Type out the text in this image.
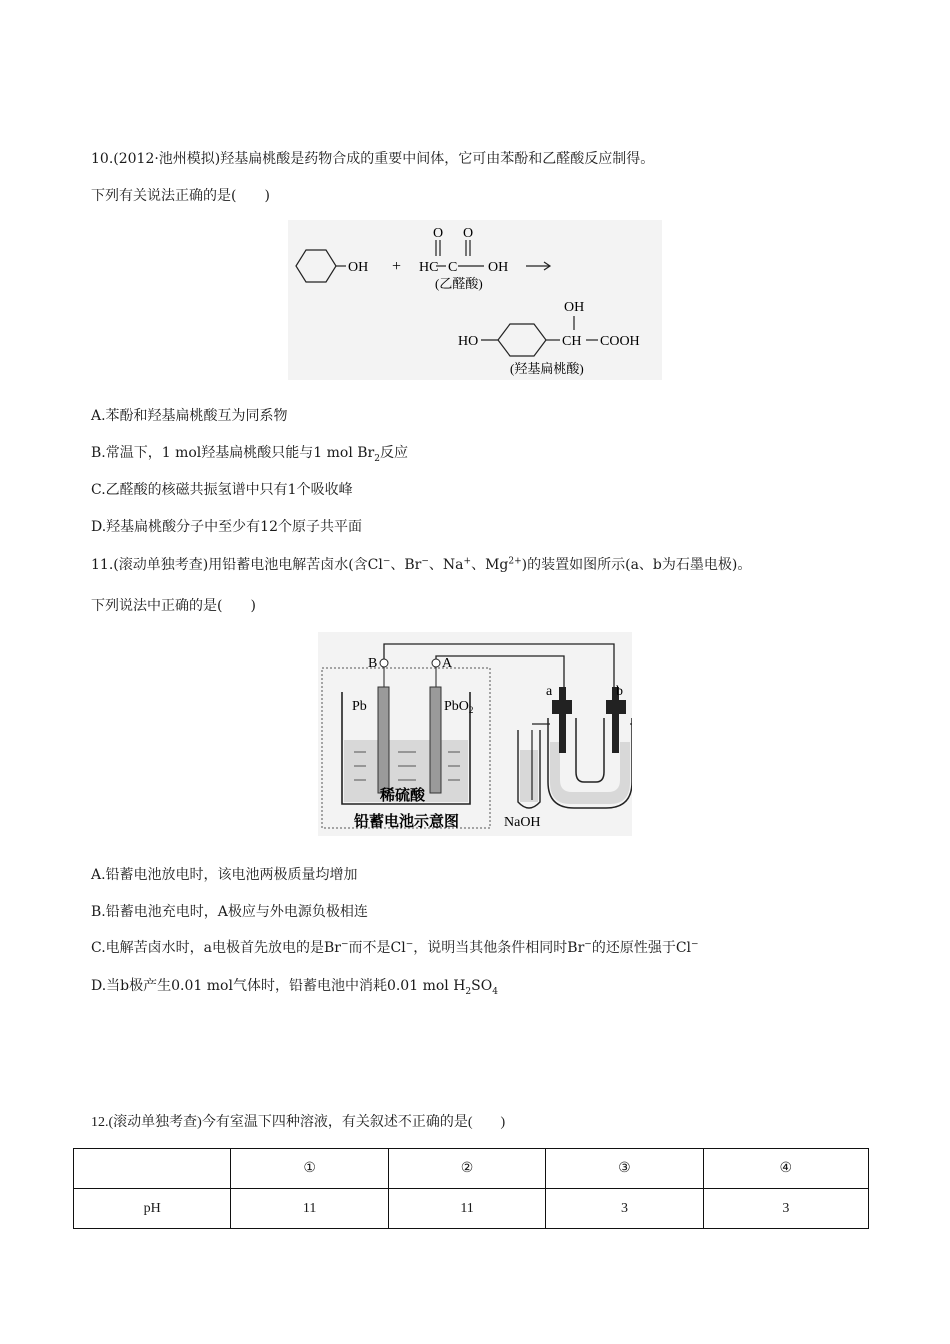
10.(2012·池州模拟)羟基扁桃酸是药物合成的重要中间体，它可由苯酚和乙醛酸反应制得。
下列有关说法正确的是(　　)
OH + HC
O O
C OH
(乙醛酸)
HO
OH
CH COOH
(羟基扁桃酸)
A.苯酚和羟基扁桃酸互为同系物
B.常温下，1 mol羟基扁桃酸只能与1 mol $Br_2$反应
C.乙醛酸的核磁共振氢谱中只有1个吸收峰
D.羟基扁桃酸分子中至少有12个原子共平面
11.(滚动单独考查)用铅蓄电池电解苦卤水(含Cl−、Br−、Na+、$Mg^{2+}$)的装置如图所示(a、b为石墨电极)。
下列说法中正确的是(　　)
B	A
Pb	PbO$_2$
稀硫酸
铅蓄电池示意图	NaOH
a	b
A.铅蓄电池放电时，该电池两极质量均增加
B.铅蓄电池充电时，A极应与外电源负极相连
C.电解苦卤水时，a电极首先放电的是Br−而不是Cl−，说明当其他条件相同时Br−的还原性强于Cl−
D.当b极产生0.01 mol气体时，铅蓄电池中消耗0.01 mol $H_2SO_4$
12.(滚动单独考查)今有室温下四种溶液，有关叙述不正确的是(　　)
	①	②	③	④
pH	11	11	3	3
